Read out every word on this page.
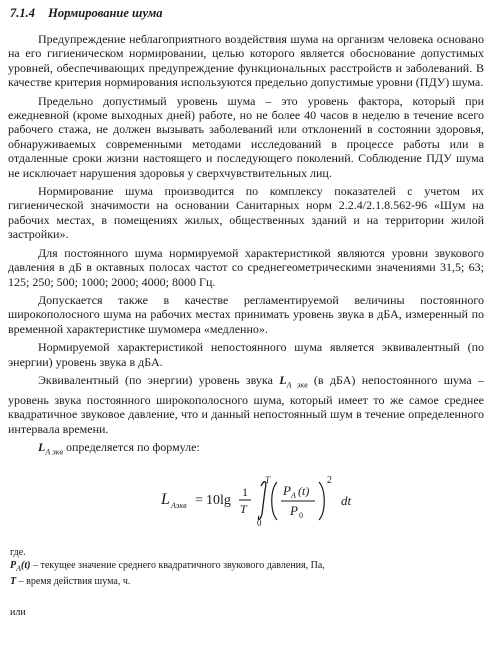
7.1.4 Нормирование шума

Предупреждение неблагоприятного воздействия шума на организм человека основано на его гигиеническом нормировании, целью которого является обоснование допустимых уровней, обеспечивающих предупреждение функциональных расстройств и заболеваний. В качестве критерия нормирования используются предельно допустимые уровни (ПДУ) шума.

Предельно допустимый уровень шума – это уровень фактора, который при ежедневной (кроме выходных дней) работе, но не более 40 часов в неделю в течение всего рабочего стажа, не должен вызывать заболеваний или отклонений в состоянии здоровья, обнаруживаемых современными методами исследований в процессе работы или в отдаленные сроки жизни настоящего и последующего поколений. Соблюдение ПДУ шума не исключает нарушения здоровья у сверхчувствительных лиц.

Нормирование шума производится по комплексу показателей с учетом их гигиенической значимости на основании Санитарных норм 2.2.4/2.1.8.562-96 «Шум на рабочих местах, в помещениях жилых, общественных зданий и на территории жилой застройки».

Для постоянного шума нормируемой характеристикой являются уровни звукового давления в дБ в октавных полосах частот со среднегеометрическими значениями 31,5; 63; 125; 250; 500; 1000; 2000; 4000; 8000 Гц.

Допускается также в качестве регламентируемой величины постоянного широкополосного шума на рабочих местах принимать уровень звука в дБА, измеренный по временной характеристике шумомера «медленно».

Нормируемой характеристикой непостоянного шума является эквивалентный (по энергии) уровень звука в дБА.

Эквивалентный (по энергии) уровень звука $L_{А экв}$ (в дБА) непостоянного шума – уровень звука постоянного широкополосного шума, который имеет то же самое среднее квадратичное звуковое давление, что и данный непостоянный шум в течение определенного интервала времени.

$L_{А экв}$ определяется по формуле:

L Aэкв = 10lg
1
T
T
0
P A (t)
P 0
2
dt
где.
$P_A(t)$ – текущее значение среднего квадратичного звукового давления, Па,
T – время действия шума, ч.
или
